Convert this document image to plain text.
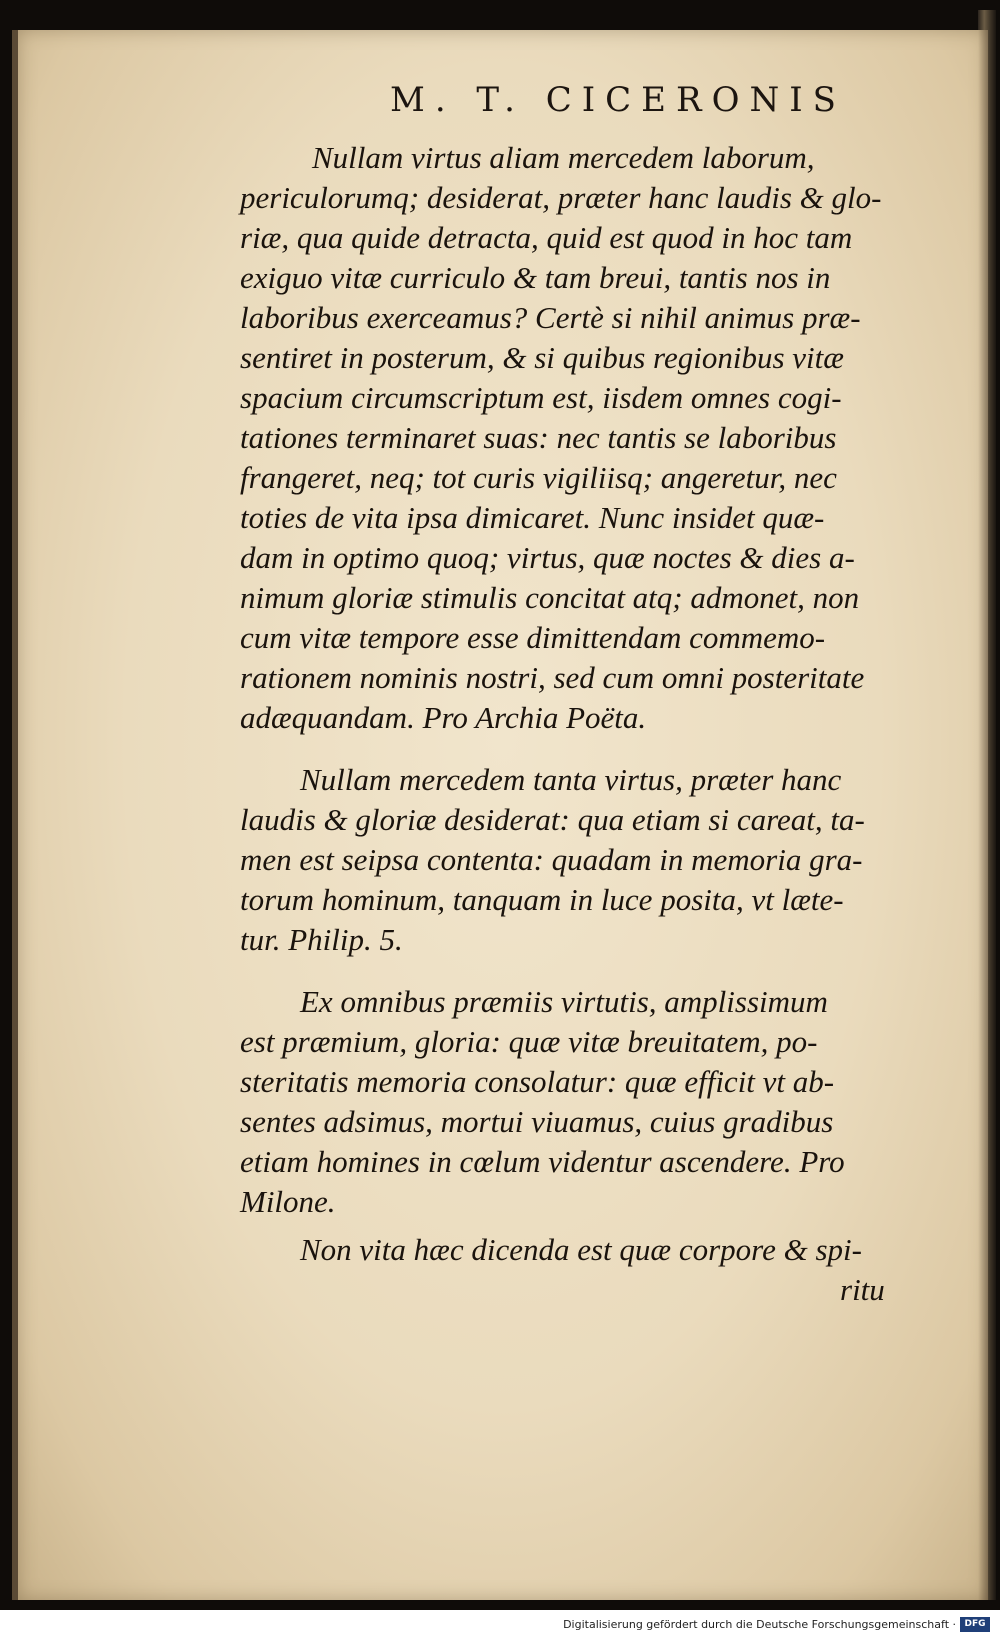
M. T. CICERONIS

Nullam virtus aliam mercedem laborum,
periculorumq; desiderat, præter hanc laudis & glo-
riæ, qua quide detracta, quid est quod in hoc tam
exiguo vitæ curriculo & tam breui, tantis nos in
laboribus exerceamus? Certè si nihil animus præ-
sentiret in posterum, & si quibus regionibus vitæ
spacium circumscriptum est, iisdem omnes cogi-
tationes terminaret suas: nec tantis se laboribus
frangeret, neq; tot curis vigiliisq; angeretur, nec
toties de vita ipsa dimicaret. Nunc insidet quæ-
dam in optimo quoq; virtus, quæ noctes & dies a-
nimum gloriæ stimulis concitat atq; admonet, non
cum vitæ tempore esse dimittendam commemo-
rationem nominis nostri, sed cum omni posteritate
adæquandam. Pro Archia Poëta.

Nullam mercedem tanta virtus, præter hanc
laudis & gloriæ desiderat: qua etiam si careat, ta-
men est seipsa contenta: quadam in memoria gra-
torum hominum, tanquam in luce posita, vt læte-
tur. Philip. 5.

Ex omnibus præmiis virtutis, amplissimum
est præmium, gloria: quæ vitæ breuitatem, po-
steritatis memoria consolatur: quæ efficit vt ab-
sentes adsimus, mortui viuamus, cuius gradibus
etiam homines in cœlum videntur ascendere. Pro
Milone.

Non vita hæc dicenda est quæ corpore & spi-
ritu

Digitalisierung gefördert durch die Deutsche Forschungsgemeinschaft · DFG
